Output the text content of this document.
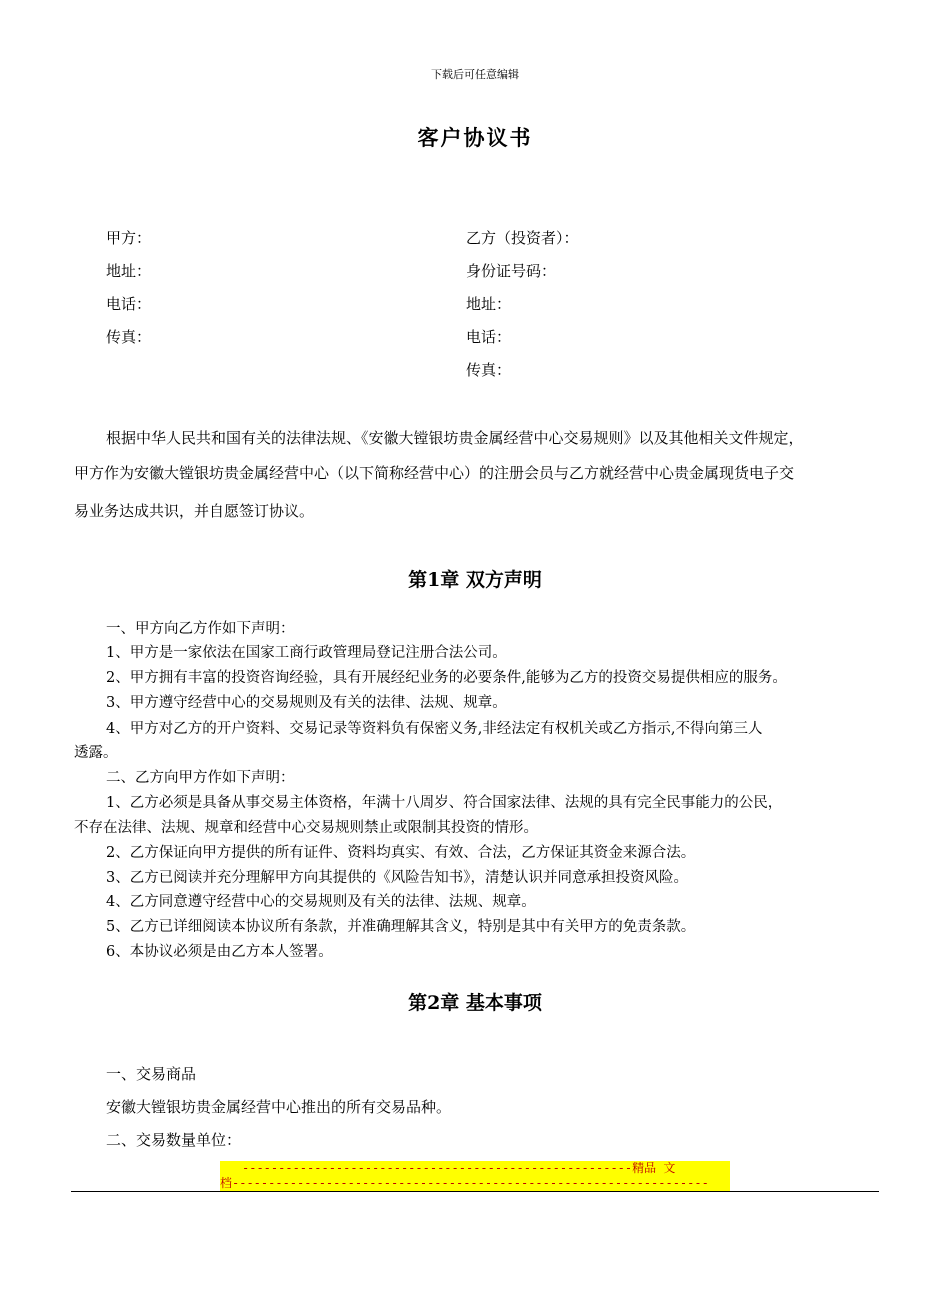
下载后可任意编辑
客户协议书
甲方：
地址：
电话：
传真：
乙方（投资者）：
身份证号码：
地址：
电话：
传真：
根据中华人民共和国有关的法律法规、《安徽大镗银坊贵金属经营中心交易规则》以及其他相关文件规定，
甲方作为安徽大镗银坊贵金属经营中心（以下简称经营中心）的注册会员与乙方就经营中心贵金属现货电子交
易业务达成共识，并自愿签订协议。
第1章 双方声明
一、甲方向乙方作如下声明：
1、甲方是一家依法在国家工商行政管理局登记注册合法公司。
2、甲方拥有丰富的投资咨询经验，具有开展经纪业务的必要条件,能够为乙方的投资交易提供相应的服务。
3、甲方遵守经营中心的交易规则及有关的法律、法规、规章。
4、甲方对乙方的开户资料、交易记录等资料负有保密义务,非经法定有权机关或乙方指示,不得向第三人
透露。
二、乙方向甲方作如下声明：
1、乙方必须是具备从事交易主体资格，年满十八周岁、符合国家法律、法规的具有完全民事能力的公民，
不存在法律、法规、规章和经营中心交易规则禁止或限制其投资的情形。
2、乙方保证向甲方提供的所有证件、资料均真实、有效、合法，乙方保证其资金来源合法。
3、乙方已阅读并充分理解甲方向其提供的《风险告知书》，清楚认识并同意承担投资风险。
4、乙方同意遵守经营中心的交易规则及有关的法律、法规、规章。
5、乙方已详细阅读本协议所有条款，并准确理解其含义，特别是其中有关甲方的免责条款。
6、本协议必须是由乙方本人签署。
第2章 基本事项
一、交易商品
安徽大镗银坊贵金属经营中心推出的所有交易品种。
二、交易数量单位：
------------------------------------------------------精品 文
档------------------------------------------------------------------
